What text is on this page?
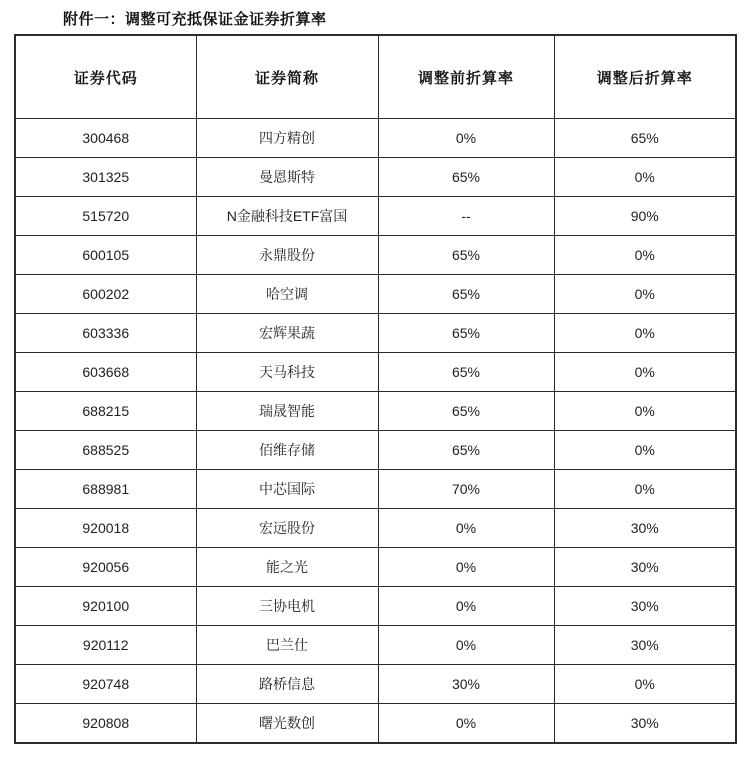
附件一：调整可充抵保证金证券折算率
证券代码	证券简称	调整前折算率	调整后折算率
300468	四方精创	0%	65%
301325	曼恩斯特	65%	0%
515720	N金融科技ETF富国	--	90%
600105	永鼎股份	65%	0%
600202	哈空调	65%	0%
603336	宏辉果蔬	65%	0%
603668	天马科技	65%	0%
688215	瑞晟智能	65%	0%
688525	佰维存储	65%	0%
688981	中芯国际	70%	0%
920018	宏远股份	0%	30%
920056	能之光	0%	30%
920100	三协电机	0%	30%
920112	巴兰仕	0%	30%
920748	路桥信息	30%	0%
920808	曙光数创	0%	30%
